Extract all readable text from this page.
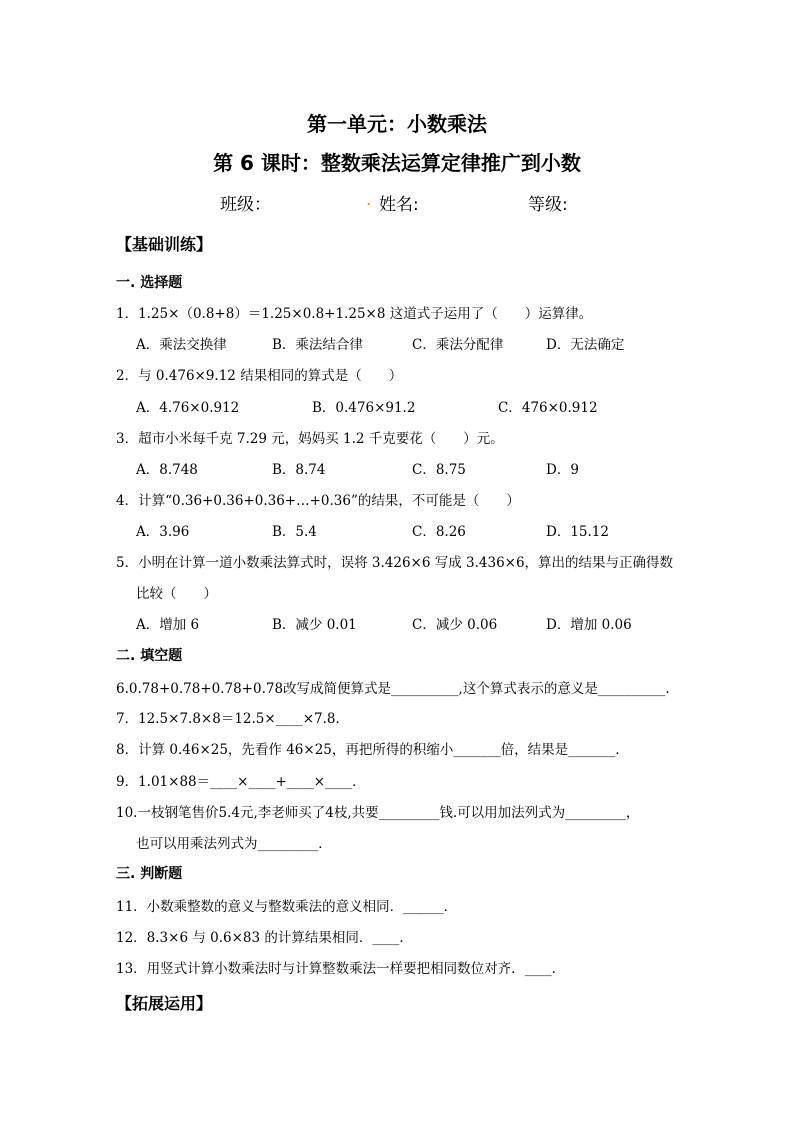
第一单元：小数乘法
第 6 课时：整数乘法运算定律推广到小数
班级：	. 姓名:	等级:
【基础训练】
一. 选择题
1．1.25×（0.8+8）＝1.25×0.8+1.25×8 这道式子运用了（　　）运算律。
A．乘法交换律	B．乘法结合律	C．乘法分配律	D．无法确定
2．与 0.476×9.12 结果相同的算式是（　　）
A．4.76×0.912	B．0.476×91.2	C．476×0.912
3．超市小米每千克 7.29 元，妈妈买 1.2 千克要花（　　）元。
A．8.748	B．8.74	C．8.75	D．9
4．计算“0.36+0.36+0.36+…+0.36”的结果，不可能是（　　）
A．3.96	B．5.4	C．8.26	D．15.12
5．小明在计算一道小数乘法算式时，误将 3.426×6 写成 3.436×6，算出的结果与正确得数
比较（　　）
A．增加 6	B．减少 0.01	C．减少 0.06	D．增加 0.06
二. 填空题
6.0.78+0.78+0.78+0.78改写成简便算式是__________,这个算式表示的意义是__________.
7．12.5×7.8×8＝12.5×____×7.8．
8．计算 0.46×25，先看作 46×25，再把所得的积缩小_______倍，结果是_______．
9．1.01×88＝____×____+____×____．
10.一枝钢笔售价5.4元,李老师买了4枝,共要_________钱.可以用加法列式为_________，
也可以用乘法列式为_________．
三. 判断题
11．小数乘整数的意义与整数乘法的意义相同．______．
12．8.3×6 与 0.6×83 的计算结果相同．____．
13．用竖式计算小数乘法时与计算整数乘法一样要把相同数位对齐．____．
【拓展运用】
